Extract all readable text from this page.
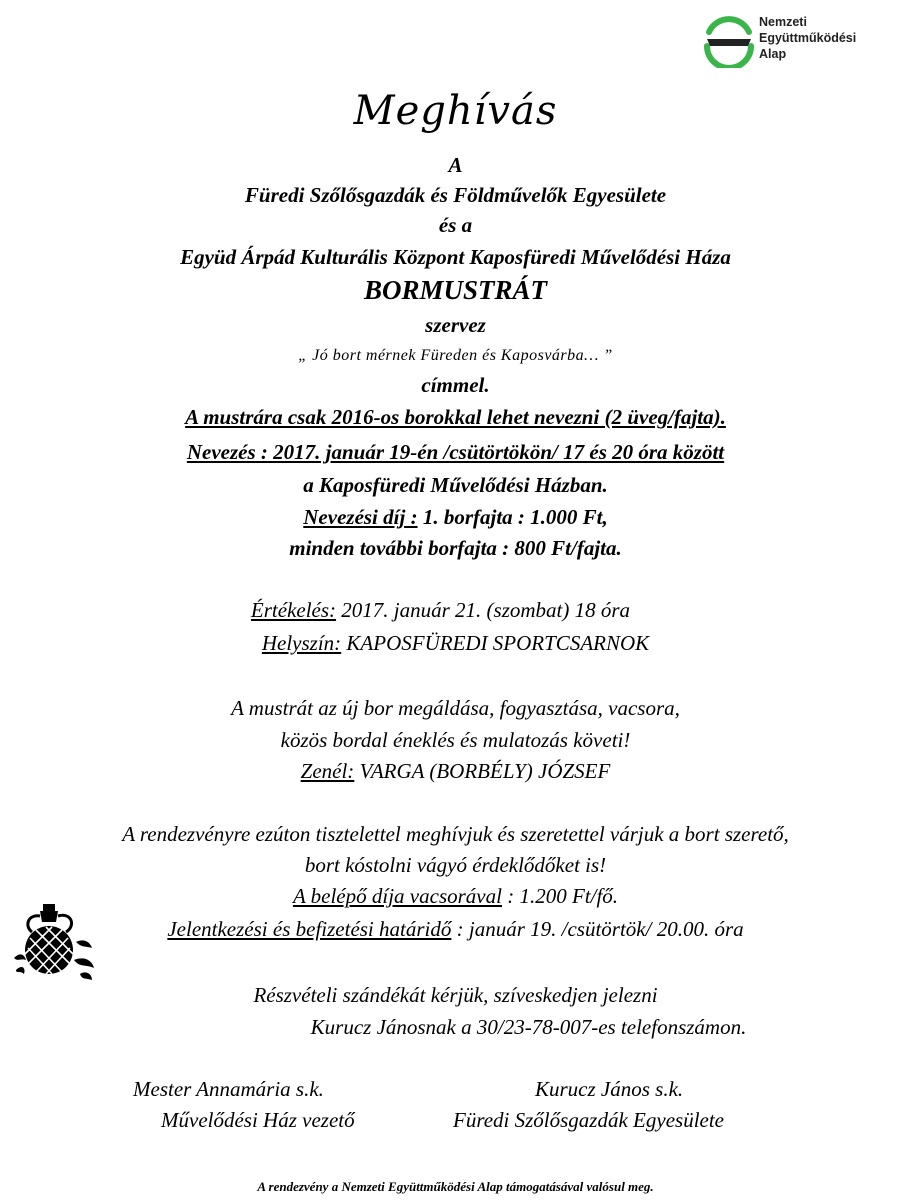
Nemzeti
Együttműködési
Alap
Meghívás
A
Füredi Szőlősgazdák és Földművelők Egyesülete
és a
Együd Árpád Kulturális Központ Kaposfüredi Művelődési Háza
BORMUSTRÁT
szervez
„ Jó bort mérnek Füreden és Kaposvárba… ”
címmel.
A mustrára csak 2016-os borokkal lehet nevezni (2 üveg/fajta).
Nevezés : 2017. január 19-én /csütörtökön/ 17 és 20 óra között
a Kaposfüredi Művelődési Házban.
Nevezési díj : 1. borfajta : 1.000 Ft,
minden további borfajta : 800 Ft/fajta.
Értékelés: 2017. január 21. (szombat) 18 óra
Helyszín: KAPOSFÜREDI SPORTCSARNOK
A mustrát az új bor megáldása, fogyasztása, vacsora,
közös bordal éneklés és mulatozás követi!
Zenél: VARGA (BORBÉLY) JÓZSEF
A rendezvényre ezúton tisztelettel meghívjuk és szeretettel várjuk a bort szerető,
bort kóstolni vágyó érdeklődőket is!
A belépő díja vacsorával : 1.200 Ft/fő.
Jelentkezési és befizetési határidő : január 19. /csütörtök/ 20.00. óra
Részvételi szándékát kérjük, szíveskedjen jelezni
Kurucz Jánosnak a 30/23-78-007-es telefonszámon.
Mester Annamária s.k.
Művelődési Ház vezető
Kurucz János s.k.
Füredi Szőlősgazdák Egyesülete
A rendezvény a Nemzeti Együttműködési Alap támogatásával valósul meg.
